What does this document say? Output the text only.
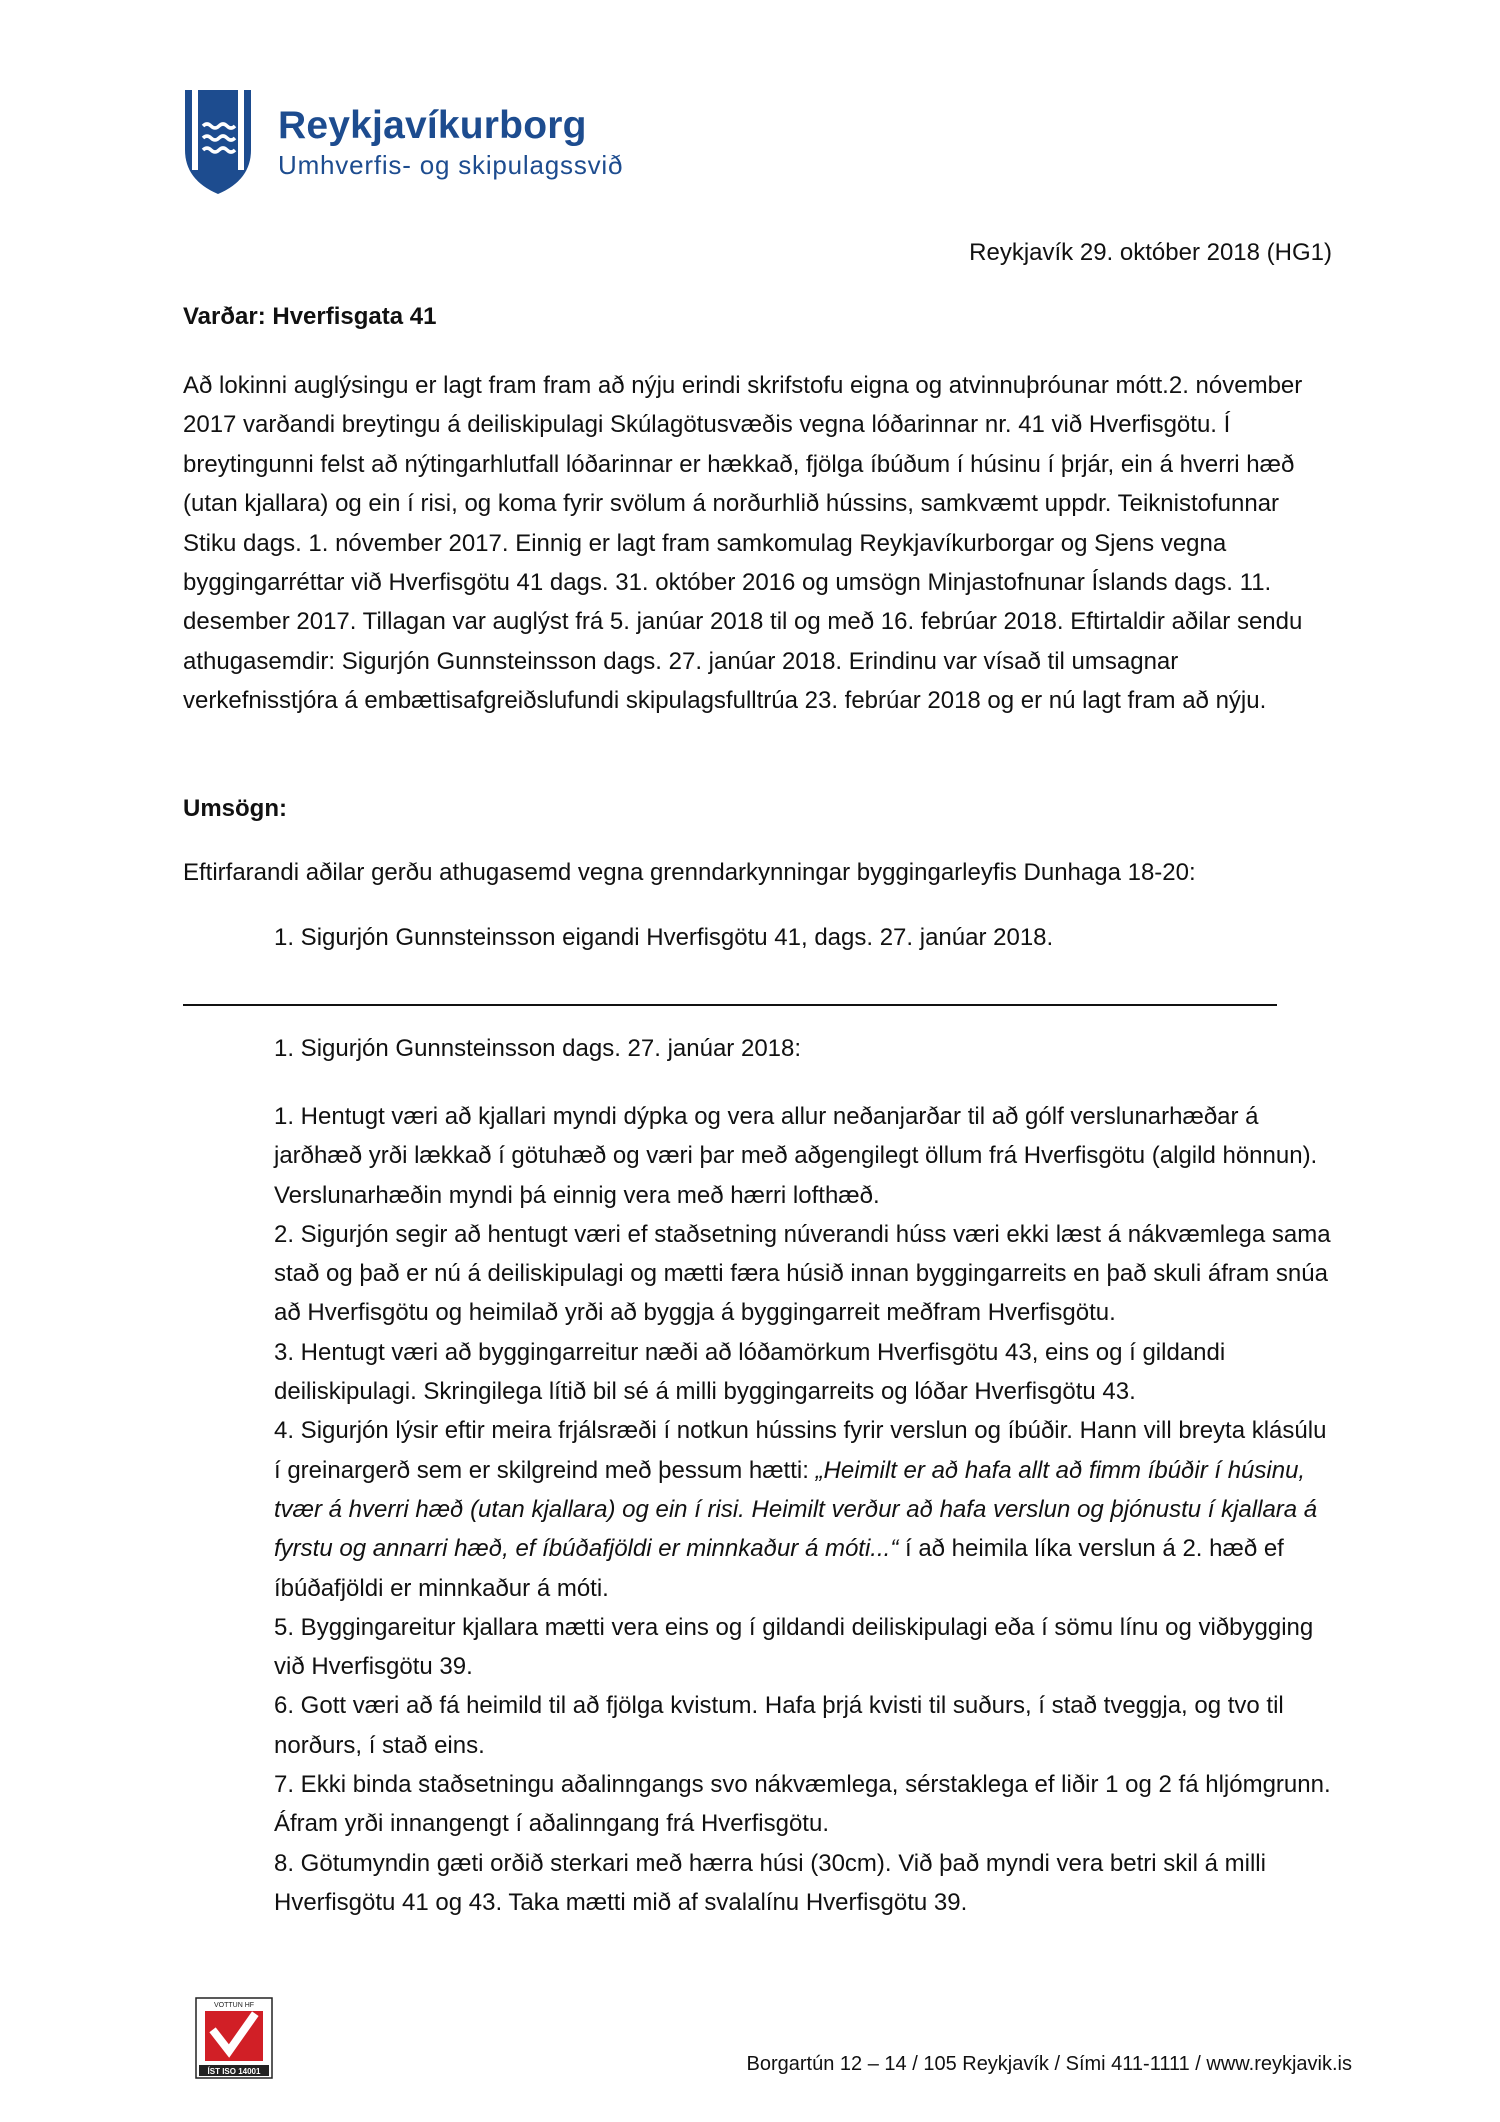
Reykjavíkurborg
Umhverfis- og skipulagssvið
Reykjavík 29. október 2018 (HG1)
Varðar: Hverfisgata 41
Að lokinni auglýsingu er lagt fram fram að nýju erindi skrifstofu eigna og atvinnuþróunar mótt.2. nóvember 2017 varðandi breytingu á deiliskipulagi Skúlagötusvæðis vegna lóðarinnar nr. 41 við Hverfisgötu. Í breytingunni felst að nýtingarhlutfall lóðarinnar er hækkað, fjölga íbúðum í húsinu í þrjár, ein á hverri hæð (utan kjallara) og ein í risi, og koma fyrir svölum á norðurhlið hússins, samkvæmt uppdr. Teiknistofunnar Stiku dags. 1. nóvember 2017. Einnig er lagt fram samkomulag Reykjavíkurborgar og Sjens vegna byggingarréttar við Hverfisgötu 41 dags. 31. október 2016 og umsögn Minjastofnunar Íslands dags. 11. desember 2017. Tillagan var auglýst frá 5. janúar 2018 til og með 16. febrúar 2018. Eftirtaldir aðilar sendu athugasemdir: Sigurjón Gunnsteinsson dags. 27. janúar 2018. Erindinu var vísað til umsagnar verkefnisstjóra á embættisafgreiðslufundi skipulagsfulltrúa 23. febrúar 2018 og er nú lagt fram að nýju.
Umsögn:
Eftirfarandi aðilar gerðu athugasemd vegna grenndarkynningar byggingarleyfis Dunhaga 18-20:
1. Sigurjón Gunnsteinsson eigandi Hverfisgötu 41, dags. 27. janúar 2018.
1. Sigurjón Gunnsteinsson dags. 27. janúar 2018:

1. Hentugt væri að kjallari myndi dýpka og vera allur neðanjarðar til að gólf verslunarhæðar á jarðhæð yrði lækkað í götuhæð og væri þar með aðgengilegt öllum frá Hverfisgötu (algild hönnun). Verslunarhæðin myndi þá einnig vera með hærri lofthæð.

2. Sigurjón segir að hentugt væri ef staðsetning núverandi húss væri ekki læst á nákvæmlega sama stað og það er nú á deiliskipulagi og mætti færa húsið innan byggingarreits en það skuli áfram snúa að Hverfisgötu og heimilað yrði að byggja á byggingarreit meðfram Hverfisgötu.

3. Hentugt væri að byggingarreitur næði að lóðamörkum Hverfisgötu 43, eins og í gildandi deiliskipulagi. Skringilega lítið bil sé á milli byggingarreits og lóðar Hverfisgötu 43.

4. Sigurjón lýsir eftir meira frjálsræði í notkun hússins fyrir verslun og íbúðir. Hann vill breyta klásúlu í greinargerð sem er skilgreind með þessum hætti: „Heimilt er að hafa allt að fimm íbúðir í húsinu, tvær á hverri hæð (utan kjallara) og ein í risi. Heimilt verður að hafa verslun og þjónustu í kjallara á fyrstu og annarri hæð, ef íbúðafjöldi er minnkaður á móti...“ í að heimila líka verslun á 2. hæð ef íbúðafjöldi er minnkaður á móti.

5. Byggingareitur kjallara mætti vera eins og í gildandi deiliskipulagi eða í sömu línu og viðbygging við Hverfisgötu 39.

6. Gott væri að fá heimild til að fjölga kvistum. Hafa þrjá kvisti til suðurs, í stað tveggja, og tvo til norðurs, í stað eins.

7. Ekki binda staðsetningu aðalinngangs svo nákvæmlega, sérstaklega ef liðir 1 og 2 fá hljómgrunn. Áfram yrði innangengt í aðalinngang frá Hverfisgötu.

8. Götumyndin gæti orðið sterkari með hærra húsi (30cm). Við það myndi vera betri skil á milli Hverfisgötu 41 og 43. Taka mætti mið af svalalínu Hverfisgötu 39.

VOTTUN HF
ÍST ISO 14001	Borgartún 12 – 14 / 105 Reykjavík / Sími 411-1111 / www.reykjavik.is
